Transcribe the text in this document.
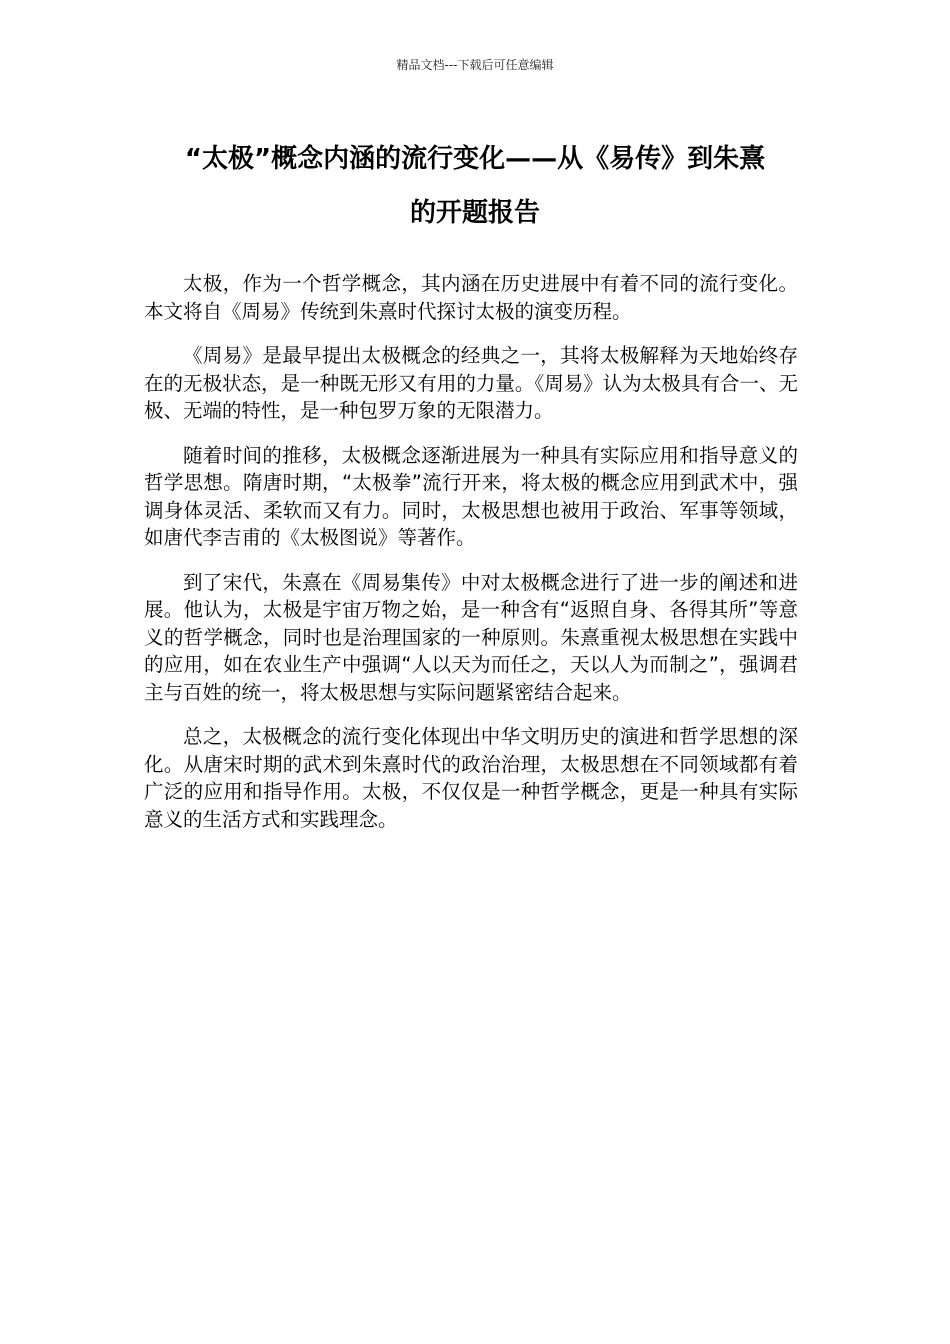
精品文档---下载后可任意编辑
“太极”概念内涵的流行变化——从《易传》到朱熹
的开题报告

太极，作为一个哲学概念，其内涵在历史进展中有着不同的流行变化。本文将自《周易》传统到朱熹时代探讨太极的演变历程。

《周易》是最早提出太极概念的经典之一，其将太极解释为天地始终存在的无极状态，是一种既无形又有用的力量。《周易》认为太极具有合一、无极、无端的特性，是一种包罗万象的无限潜力。

随着时间的推移，太极概念逐渐进展为一种具有实际应用和指导意义的哲学思想。隋唐时期，“太极拳”流行开来，将太极的概念应用到武术中，强调身体灵活、柔软而又有力。同时，太极思想也被用于政治、军事等领域，如唐代李吉甫的《太极图说》等著作。

到了宋代，朱熹在《周易集传》中对太极概念进行了进一步的阐述和进展。他认为，太极是宇宙万物之始，是一种含有“返照自身、各得其所”等意义的哲学概念，同时也是治理国家的一种原则。朱熹重视太极思想在实践中的应用，如在农业生产中强调“人以天为而任之，天以人为而制之”，强调君主与百姓的统一，将太极思想与实际问题紧密结合起来。

总之，太极概念的流行变化体现出中华文明历史的演进和哲学思想的深化。从唐宋时期的武术到朱熹时代的政治治理，太极思想在不同领域都有着广泛的应用和指导作用。太极，不仅仅是一种哲学概念，更是一种具有实际意义的生活方式和实践理念。
